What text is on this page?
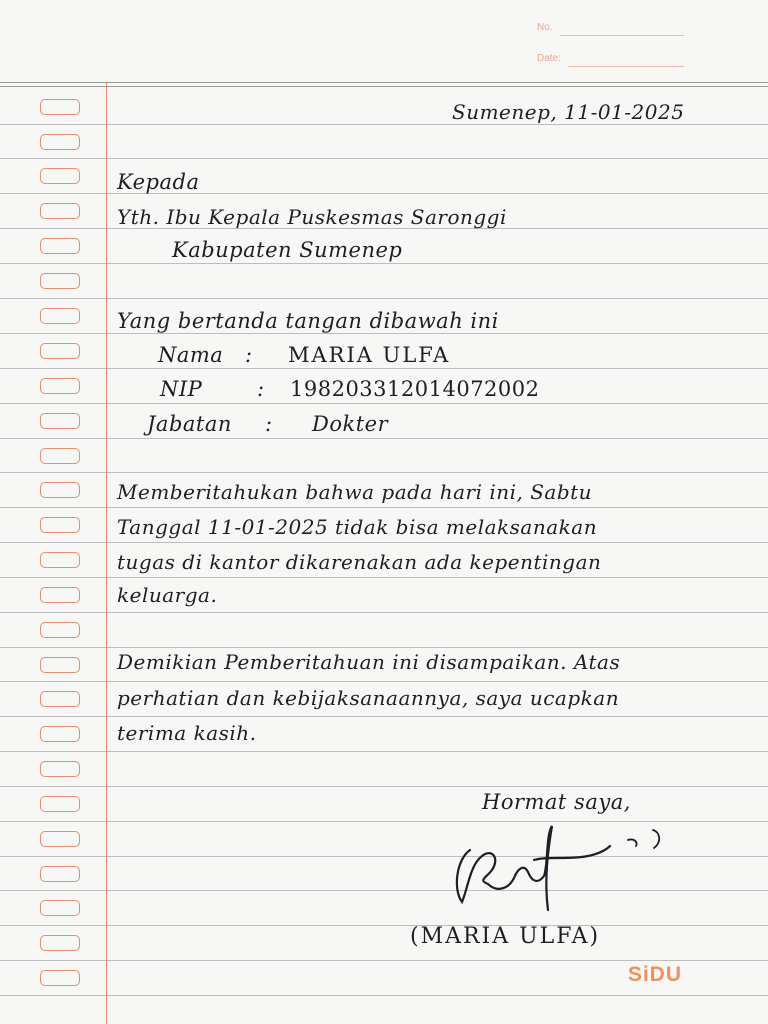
No.
Date:
Sumenep, 11-01-2025
Kepada
Yth. Ibu Kepala Puskesmas Saronggi
Kabupaten Sumenep
Yang bertanda tangan dibawah ini
Nama : MARIA ULFA
NIP	: 198203312014072002
Jabatan : Dokter
Memberitahukan bahwa pada hari ini, Sabtu
Tanggal 11-01-2025 tidak bisa melaksanakan
tugas di kantor dikarenakan ada kepentingan
keluarga.
Demikian Pemberitahuan ini disampaikan. Atas
perhatian dan kebijaksanaannya, saya ucapkan
terima kasih.
Hormat saya,
(MARIA ULFA)
SiDU
